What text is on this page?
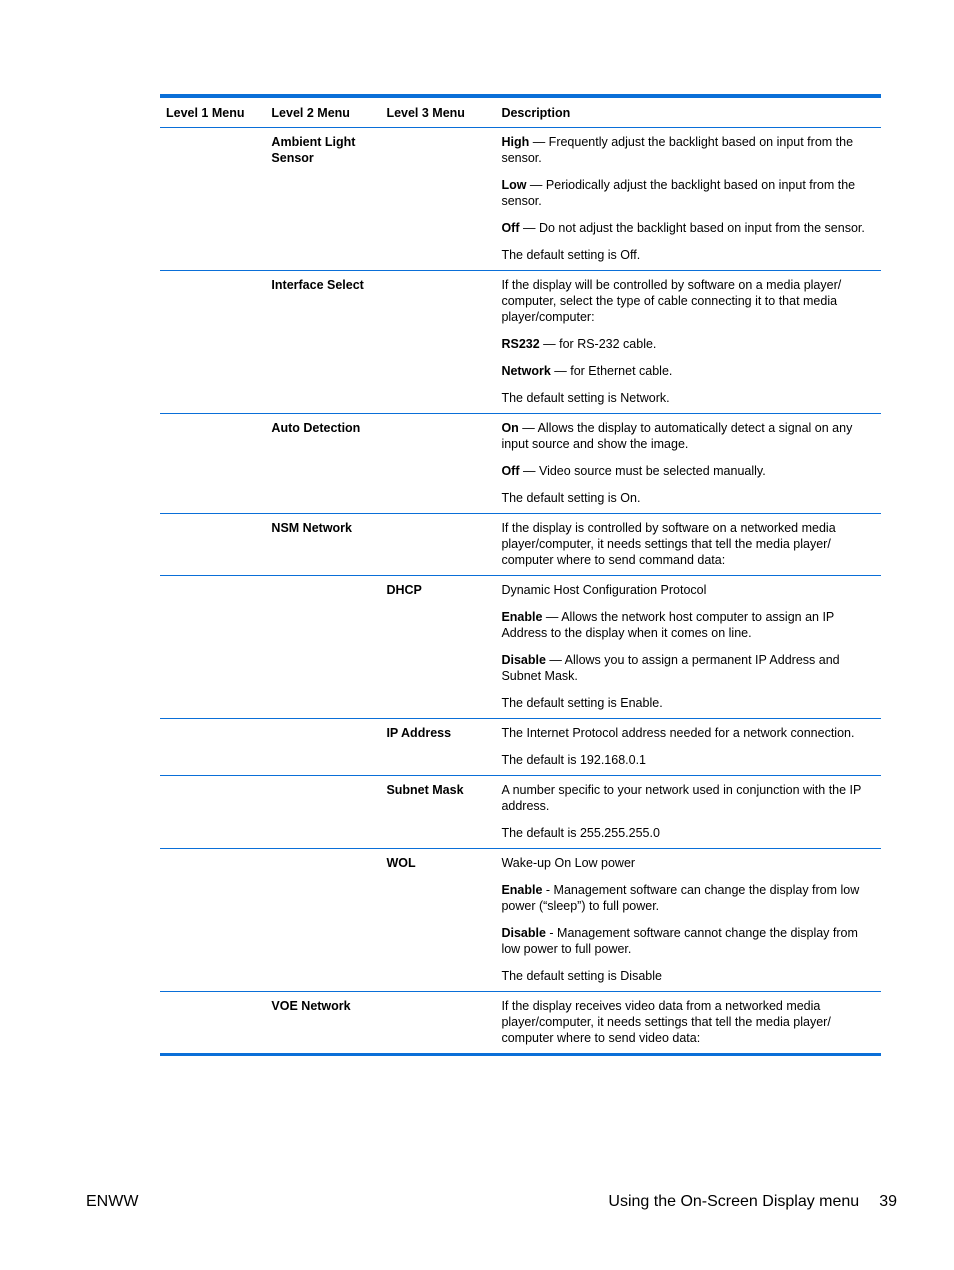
Level 1 Menu	Level 2 Menu	Level 3 Menu	Description
	Ambient Light Sensor		High — Frequently adjust the backlight based on input from the sensor.

Low — Periodically adjust the backlight based on input from the sensor.

Off — Do not adjust the backlight based on input from the sensor.

The default setting is Off.

	Interface Select		If the display will be controlled by software on a media player/ computer, select the type of cable connecting it to that media player/computer:

RS232 — for RS-232 cable.

Network — for Ethernet cable.

The default setting is Network.

	Auto Detection		On — Allows the display to automatically detect a signal on any input source and show the image.

Off — Video source must be selected manually.

The default setting is On.

	NSM Network		If the display is controlled by software on a networked media player/computer, it needs settings that tell the media player/ computer where to send command data:

		DHCP	Dynamic Host Configuration Protocol

Enable — Allows the network host computer to assign an IP Address to the display when it comes on line.

Disable — Allows you to assign a permanent IP Address and Subnet Mask.

The default setting is Enable.

		IP Address	The Internet Protocol address needed for a network connection.

The default is 192.168.0.1

		Subnet Mask	A number specific to your network used in conjunction with the IP address.

The default is 255.255.255.0

		WOL	Wake-up On Low power

Enable - Management software can change the display from low power (“sleep”) to full power.

Disable - Management software cannot change the display from low power to full power.

The default setting is Disable

	VOE Network		If the display receives video data from a networked media player/computer, it needs settings that tell the media player/ computer where to send video data:

ENWW	Using the On-Screen Display menu 39
